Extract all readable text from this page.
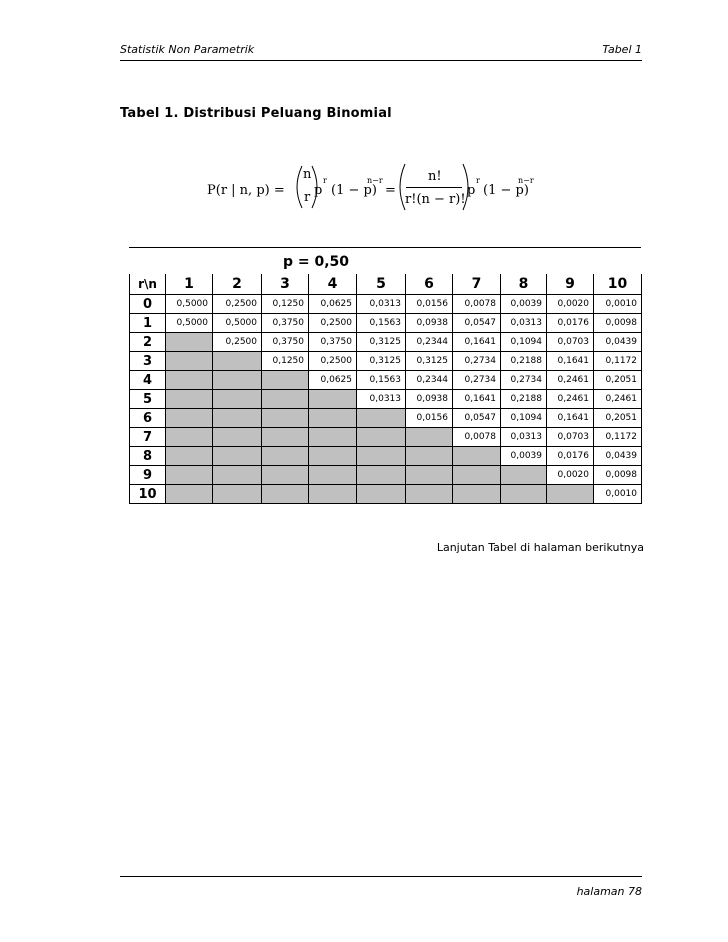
Statistik Non Parametrik	Tabel 1
Tabel 1. Distribusi Peluang Binomial
P(r | n, p) =
n
r p
r
(1 − p)
n−r
=
n!
r!(n − r)!
p
r
(1 − p)
n−r
p = 0,50
r\n	1	2	3	4	5	6	7	8	9	10
0	0,5000	0,2500	0,1250	0,0625	0,0313	0,0156	0,0078	0,0039	0,0020	0,0010
1	0,5000	0,5000	0,3750	0,2500	0,1563	0,0938	0,0547	0,0313	0,0176	0,0098
2		0,2500	0,3750	0,3750	0,3125	0,2344	0,1641	0,1094	0,0703	0,0439
3			0,1250	0,2500	0,3125	0,3125	0,2734	0,2188	0,1641	0,1172
4				0,0625	0,1563	0,2344	0,2734	0,2734	0,2461	0,2051
5					0,0313	0,0938	0,1641	0,2188	0,2461	0,2461
6						0,0156	0,0547	0,1094	0,1641	0,2051
7							0,0078	0,0313	0,0703	0,1172
8								0,0039	0,0176	0,0439
9									0,0020	0,0098
10										0,0010
Lanjutan Tabel di halaman berikutnya
halaman 78
